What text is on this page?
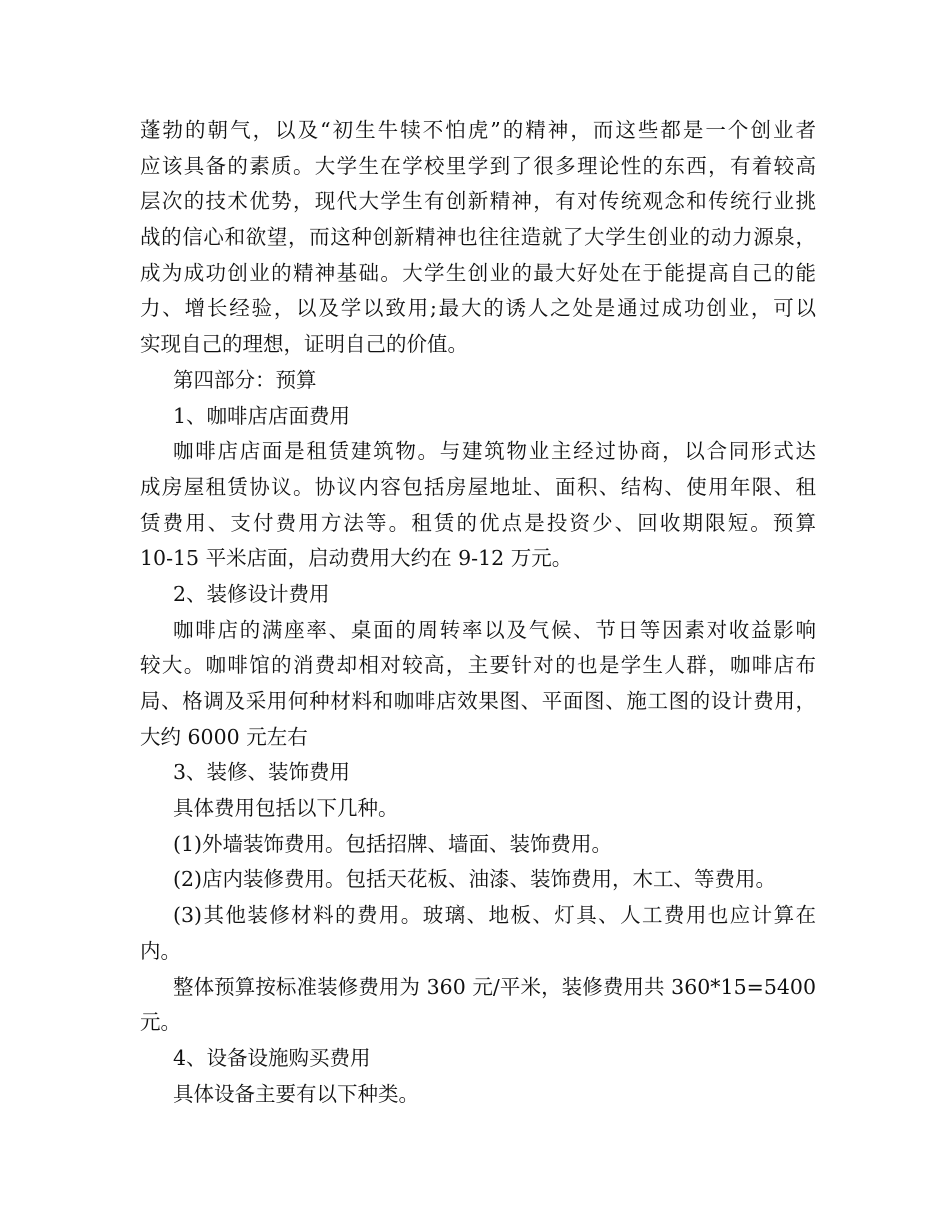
蓬勃的朝气，以及“初生牛犊不怕虎”的精神，而这些都是一个创业者
应该具备的素质。大学生在学校里学到了很多理论性的东西，有着较高
层次的技术优势，现代大学生有创新精神，有对传统观念和传统行业挑
战的信心和欲望，而这种创新精神也往往造就了大学生创业的动力源泉，
成为成功创业的精神基础。大学生创业的最大好处在于能提高自己的能
力、增长经验，以及学以致用;最大的诱人之处是通过成功创业，可以
实现自己的理想，证明自己的价值。
第四部分：预算
1、咖啡店店面费用
咖啡店店面是租赁建筑物。与建筑物业主经过协商，以合同形式达
成房屋租赁协议。协议内容包括房屋地址、面积、结构、使用年限、租
赁费用、支付费用方法等。租赁的优点是投资少、回收期限短。预算
10-15 平米店面，启动费用大约在 9-12 万元。
2、装修设计费用
咖啡店的满座率、桌面的周转率以及气候、节日等因素对收益影响
较大。咖啡馆的消费却相对较高，主要针对的也是学生人群，咖啡店布
局、格调及采用何种材料和咖啡店效果图、平面图、施工图的设计费用，
大约 6000 元左右
3、装修、装饰费用
具体费用包括以下几种。
(1)外墙装饰费用。包括招牌、墙面、装饰费用。
(2)店内装修费用。包括天花板、油漆、装饰费用，木工、等费用。
(3)其他装修材料的费用。玻璃、地板、灯具、人工费用也应计算在
内。
整体预算按标准装修费用为 360 元/平米，装修费用共 360*15=5400
元。
4、设备设施购买费用
具体设备主要有以下种类。
